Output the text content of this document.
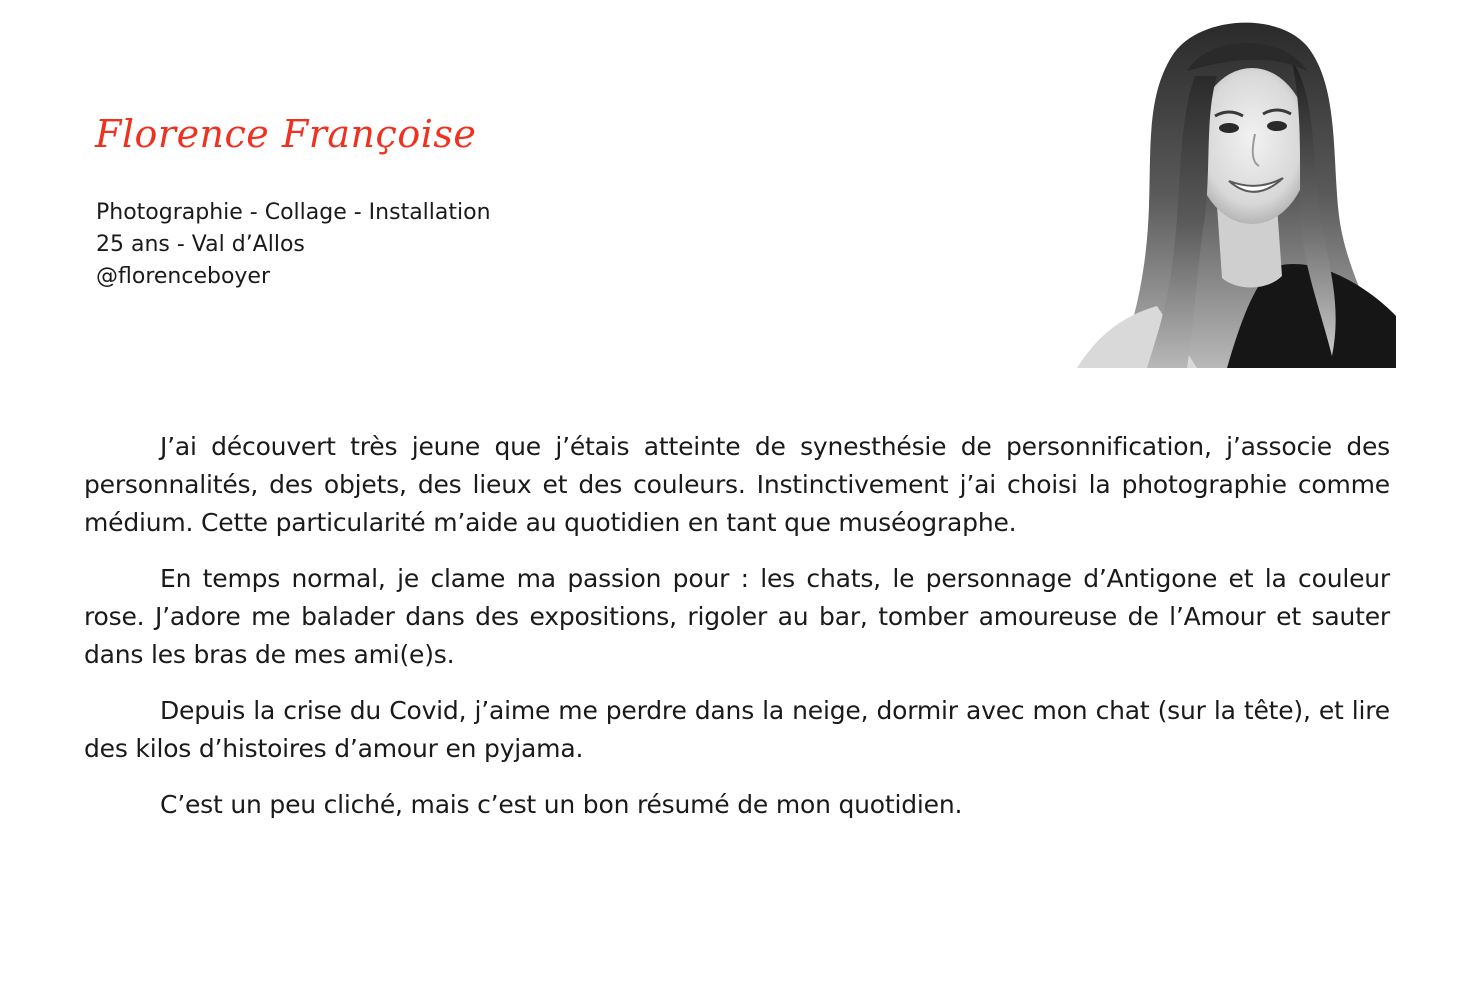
Florence Françoise
Photographie - Collage - Installation
25 ans - Val d’Allos
@florenceboyer

J’ai découvert très jeune que j’étais atteinte de synesthésie de personnification, j’associe des personnalités, des objets, des lieux et des couleurs. Instinctivement j’ai choisi la photographie comme médium. Cette particularité m’aide au quotidien en tant que muséographe.

En temps normal, je clame ma passion pour : les chats, le personnage d’Antigone et la couleur rose. J’adore me balader dans des expositions, rigoler au bar, tomber amoureuse de l’Amour et sauter dans les bras de mes ami(e)s.

Depuis la crise du Covid, j’aime me perdre dans la neige, dormir avec mon chat (sur la tête), et lire des kilos d’histoires d’amour en pyjama.

C’est un peu cliché, mais c’est un bon résumé de mon quotidien.
